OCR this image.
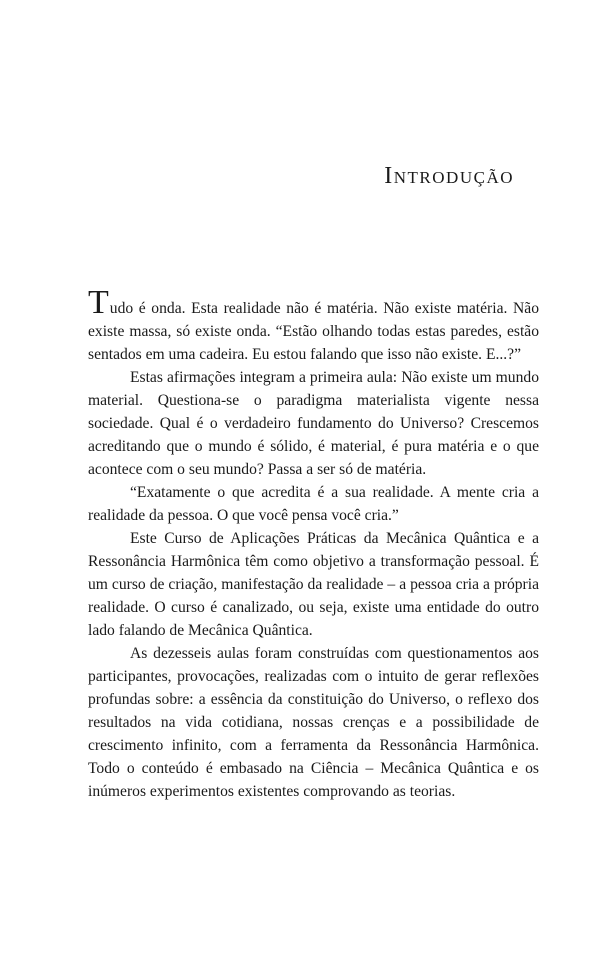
Introdução

Tudo é onda. Esta realidade não é matéria. Não existe matéria. Não existe massa, só existe onda. “Estão olhando todas estas paredes, estão sentados em uma cadeira. Eu estou falando que isso não existe. E...?”

Estas afirmações integram a primeira aula: Não existe um mundo material. Questiona-se o paradigma materialista vigente nessa sociedade. Qual é o verdadeiro fundamento do Universo? Crescemos acreditando que o mundo é sólido, é material, é pura matéria e o que acontece com o seu mundo? Passa a ser só de matéria.

“Exatamente o que acredita é a sua realidade. A mente cria a realidade da pessoa. O que você pensa você cria.”

Este Curso de Aplicações Práticas da Mecânica Quântica e a Ressonância Harmônica têm como objetivo a transformação pessoal. É um curso de criação, manifestação da realidade – a pessoa cria a própria realidade. O curso é canalizado, ou seja, existe uma entidade do outro lado falando de Mecânica Quântica.

As dezesseis aulas foram construídas com questionamentos aos participantes, provocações, realizadas com o intuito de gerar reflexões profundas sobre: a essência da constituição do Universo, o reflexo dos resultados na vida cotidiana, nossas crenças e a possibilidade de crescimento infinito, com a ferramenta da Ressonância Harmônica. Todo o conteúdo é embasado na Ciência – Mecânica Quântica e os inúmeros experimentos existentes comprovando as teorias.
